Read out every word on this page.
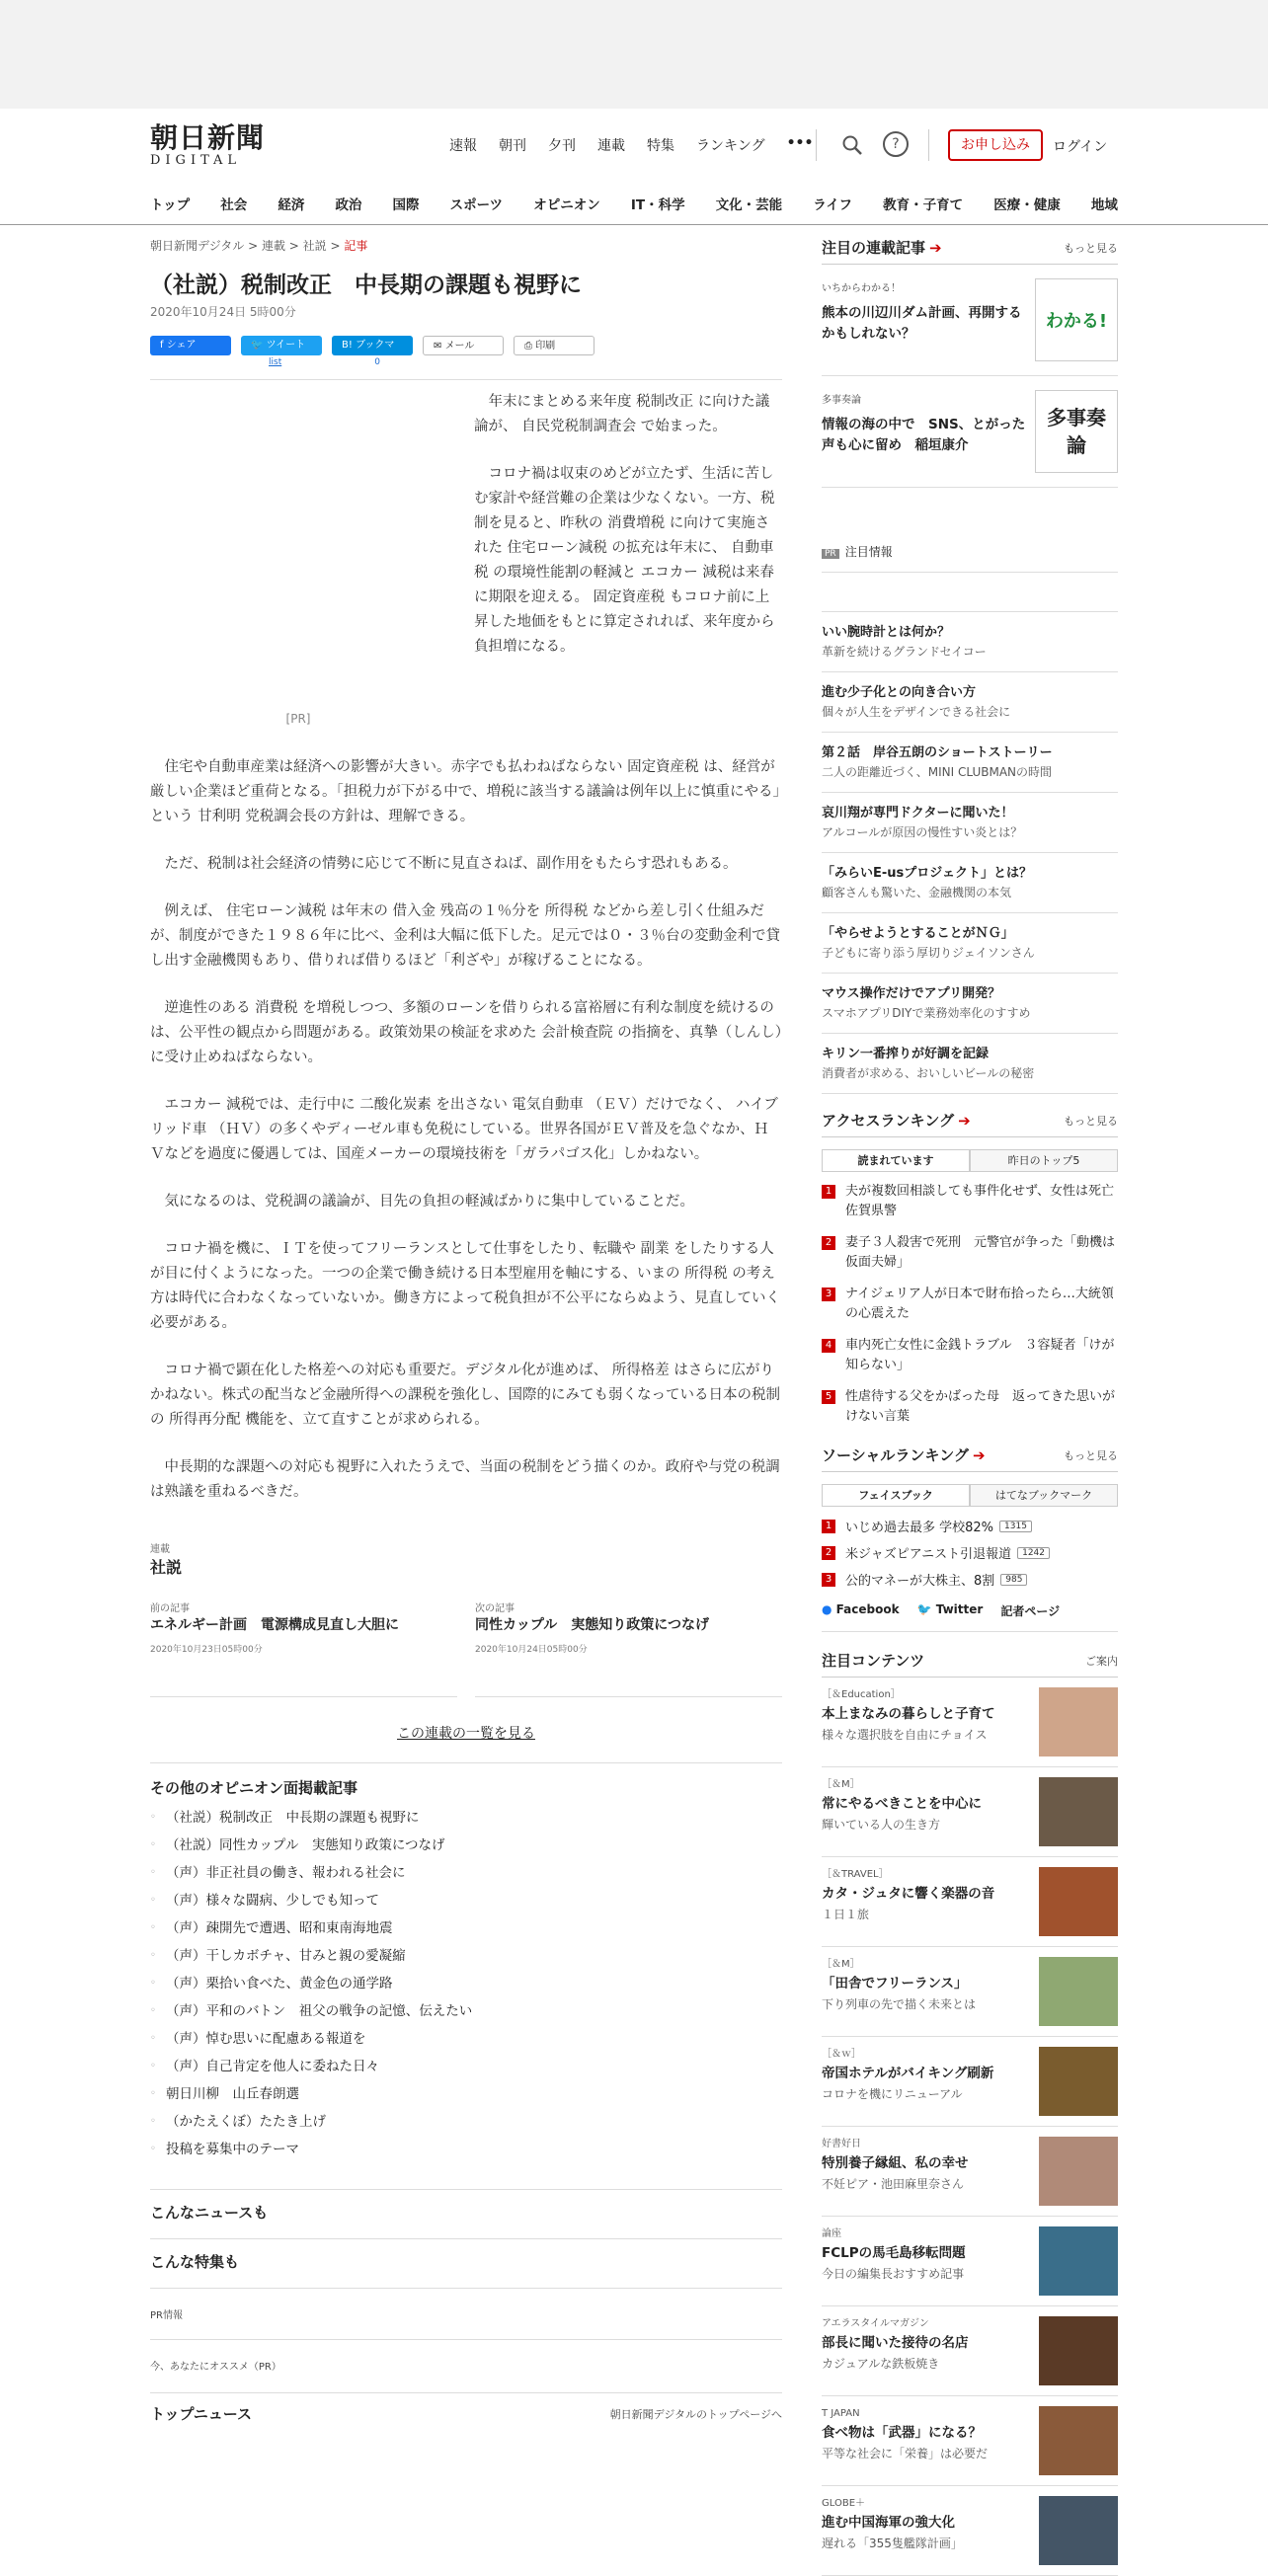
朝日新聞
DIGITAL
速報 朝刊 夕刊 連載 特集 ランキング •••	?	お申し込み	ログイン
トップ 社会 経済 政治 国際 スポーツ オピニオン IT・科学 文化・芸能 ライフ 教育・子育て 医療・健康 地域
朝日新聞デジタル > 連載 > 社説 > 記事
（社説）税制改正　中長期の課題も視野に
2020年10月24日 5時00分
f シェア	🐦 ツイート	B! ブックマーク
✉ メール	⎙ 印刷
list	0
[PR]

年末にまとめる来年度 税制改正 に向けた議論が、 自民党税制調査会 で始まった。

コロナ禍は収束のめどが立たず、生活に苦しむ家計や経営難の企業は少なくない。一方、税制を見ると、昨秋の 消費増税 に向けて実施された 住宅ローン減税 の拡充は年末に、 自動車税 の環境性能割の軽減と エコカー 減税は来春に期限を迎える。 固定資産税 もコロナ前に上昇した地価をもとに算定されれば、来年度から負担増になる。

住宅や自動車産業は経済への影響が大きい。赤字でも払わねばならない 固定資産税 は、経営が厳しい企業ほど重荷となる。「担税力が下がる中で、増税に該当する議論は例年以上に慎重にやる」という 甘利明 党税調会長の方針は、理解できる。

ただ、税制は社会経済の情勢に応じて不断に見直さねば、副作用をもたらす恐れもある。

例えば、 住宅ローン減税 は年末の 借入金 残高の１％分を 所得税 などから差し引く仕組みだが、制度ができた１９８６年に比べ、金利は大幅に低下した。足元では０・３％台の変動金利で貸し出す金融機関もあり、借りれば借りるほど「利ざや」が稼げることになる。

逆進性のある 消費税 を増税しつつ、多額のローンを借りられる富裕層に有利な制度を続けるのは、公平性の観点から問題がある。政策効果の検証を求めた 会計検査院 の指摘を、真摯（しんし）に受け止めねばならない。

エコカー 減税では、走行中に 二酸化炭素 を出さない 電気自動車 （ＥＶ）だけでなく、 ハイブリッド車 （ＨＶ）の多くやディーゼル車も免税にしている。世界各国がＥＶ普及を急ぐなか、ＨＶなどを過度に優遇しては、国産メーカーの環境技術を「ガラパゴス化」しかねない。

気になるのは、党税調の議論が、目先の負担の軽減ばかりに集中していることだ。

コロナ禍を機に、ＩＴを使ってフリーランスとして仕事をしたり、転職や 副業 をしたりする人が目に付くようになった。一つの企業で働き続ける日本型雇用を軸にする、いまの 所得税 の考え方は時代に合わなくなっていないか。働き方によって税負担が不公平にならぬよう、見直していく必要がある。

コロナ禍で顕在化した格差への対応も重要だ。デジタル化が進めば、 所得格差 はさらに広がりかねない。株式の配当など金融所得への課税を強化し、国際的にみても弱くなっている日本の税制の 所得再分配 機能を、立て直すことが求められる。

中長期的な課題への対応も視野に入れたうえで、当面の税制をどう描くのか。政府や与党の税調は熟議を重ねるべきだ。

連載
社説
前の記事
エネルギー計画　電源構成見直し大胆に
2020年10月23日05時00分
次の記事
同性カップル　実態知り政策につなげ
2020年10月24日05時00分
この連載の一覧を見る
その他のオピニオン面掲載記事
◦ （社説）税制改正　中長期の課題も視野に
◦ （社説）同性カップル　実態知り政策につなげ
◦ （声）非正社員の働き、報われる社会に
◦ （声）様々な闘病、少しでも知って
◦ （声）疎開先で遭遇、昭和東南海地震
◦ （声）干しカボチャ、甘みと親の愛凝縮
◦ （声）栗拾い食べた、黄金色の通学路
◦ （声）平和のバトン　祖父の戦争の記憶、伝えたい
◦ （声）悼む思いに配慮ある報道を
◦ （声）自己肯定を他人に委ねた日々
◦ 朝日川柳　山丘春朗選
◦ （かたえくぼ）たたき上げ
◦ 投稿を募集中のテーマ
こんなニュースも
こんな特集も
PR情報
今、あなたにオススメ（PR）
トップニュース	朝日新聞デジタルのトップページへ
注目の連載記事 ➔	もっと見る
いちからわかる！
熊本の川辺川ダム計画、再開するかもしれない？
わかる!
多事奏論
情報の海の中で　SNS、とがった声も心に留め　稲垣康介
多事奏論
PR 注目情報
いい腕時計とは何か？
革新を続けるグランドセイコー
進む少子化との向き合い方
個々が人生をデザインできる社会に
第２話　岸谷五朗のショートストーリー
二人の距離近づく、MINI CLUBMANの時間
哀川翔が専門ドクターに聞いた！
アルコールが原因の慢性すい炎とは？
「みらいE-usプロジェクト」とは？
顧客さんも驚いた、金融機関の本気
「やらせようとすることがＮＧ」
子どもに寄り添う厚切りジェイソンさん
マウス操作だけでアプリ開発？
スマホアプリDIYで業務効率化のすすめ
キリン一番搾りが好調を記録
消費者が求める、おいしいビールの秘密
アクセスランキング ➔	もっと見る
読まれています	昨日のトップ5
1 夫が複数回相談しても事件化せず、女性は死亡　佐賀県警
2 妻子３人殺害で死刑　元警官が争った「動機は仮面夫婦」
3 ナイジェリア人が日本で財布拾ったら…大統領の心震えた
4 車内死亡女性に金銭トラブル　３容疑者「けが知らない」
5 性虐待する父をかばった母　返ってきた思いがけない言葉
ソーシャルランキング ➔	もっと見る
フェイスブック	はてなブックマーク
1 いじめ過去最多 学校82%	1315
2 米ジャズピアニスト引退報道	1242
3 公的マネーが大株主、8割	985
● Facebook 🐦 Twitter 記者ページ
注目コンテンツ	ご案内
［＆Education］
本上まなみの暮らしと子育て
様々な選択肢を自由にチョイス
［＆M］
常にやるべきことを中心に
輝いている人の生き方
［＆TRAVEL］
カタ・ジュタに響く楽器の音
１日１旅
［＆M］
「田舎でフリーランス」
下り列車の先で描く未来とは
［＆ｗ］
帝国ホテルがバイキング刷新
コロナを機にリニューアル
好書好日
特別養子縁組、私の幸せ
不妊ピア・池田麻里奈さん
論座
FCLPの馬毛島移転問題
今日の編集長おすすめ記事
アエラスタイルマガジン
部長に聞いた接待の名店
カジュアルな鉄板焼き
T JAPAN
食べ物は「武器」になる？
平等な社会に「栄養」は必要だ
GLOBE＋
進む中国海軍の強大化
遅れる「355隻艦隊計画」
